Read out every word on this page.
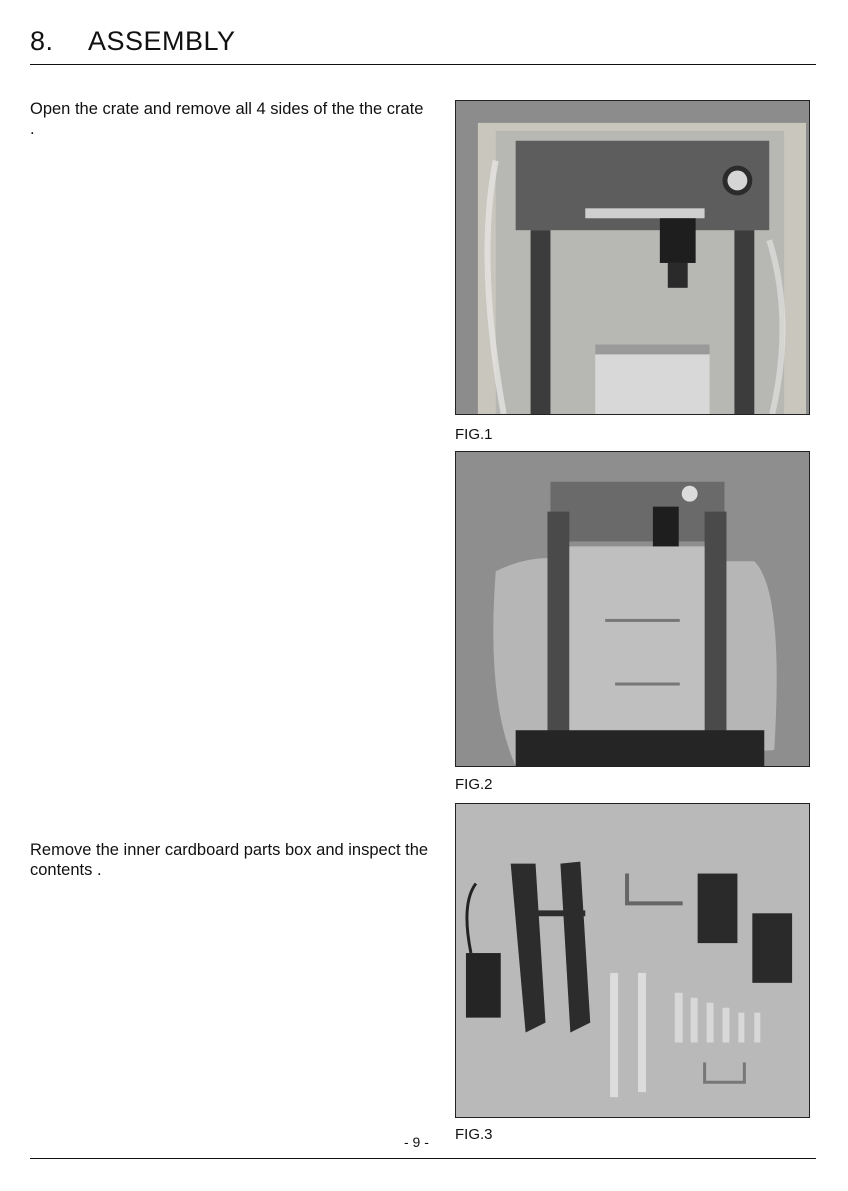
8. ASSEMBLY
Open the crate and remove all 4 sides of the the crate .
Remove the inner cardboard parts box and inspect the contents .
FIG.1
FIG.2
FIG.3
- 9 -
